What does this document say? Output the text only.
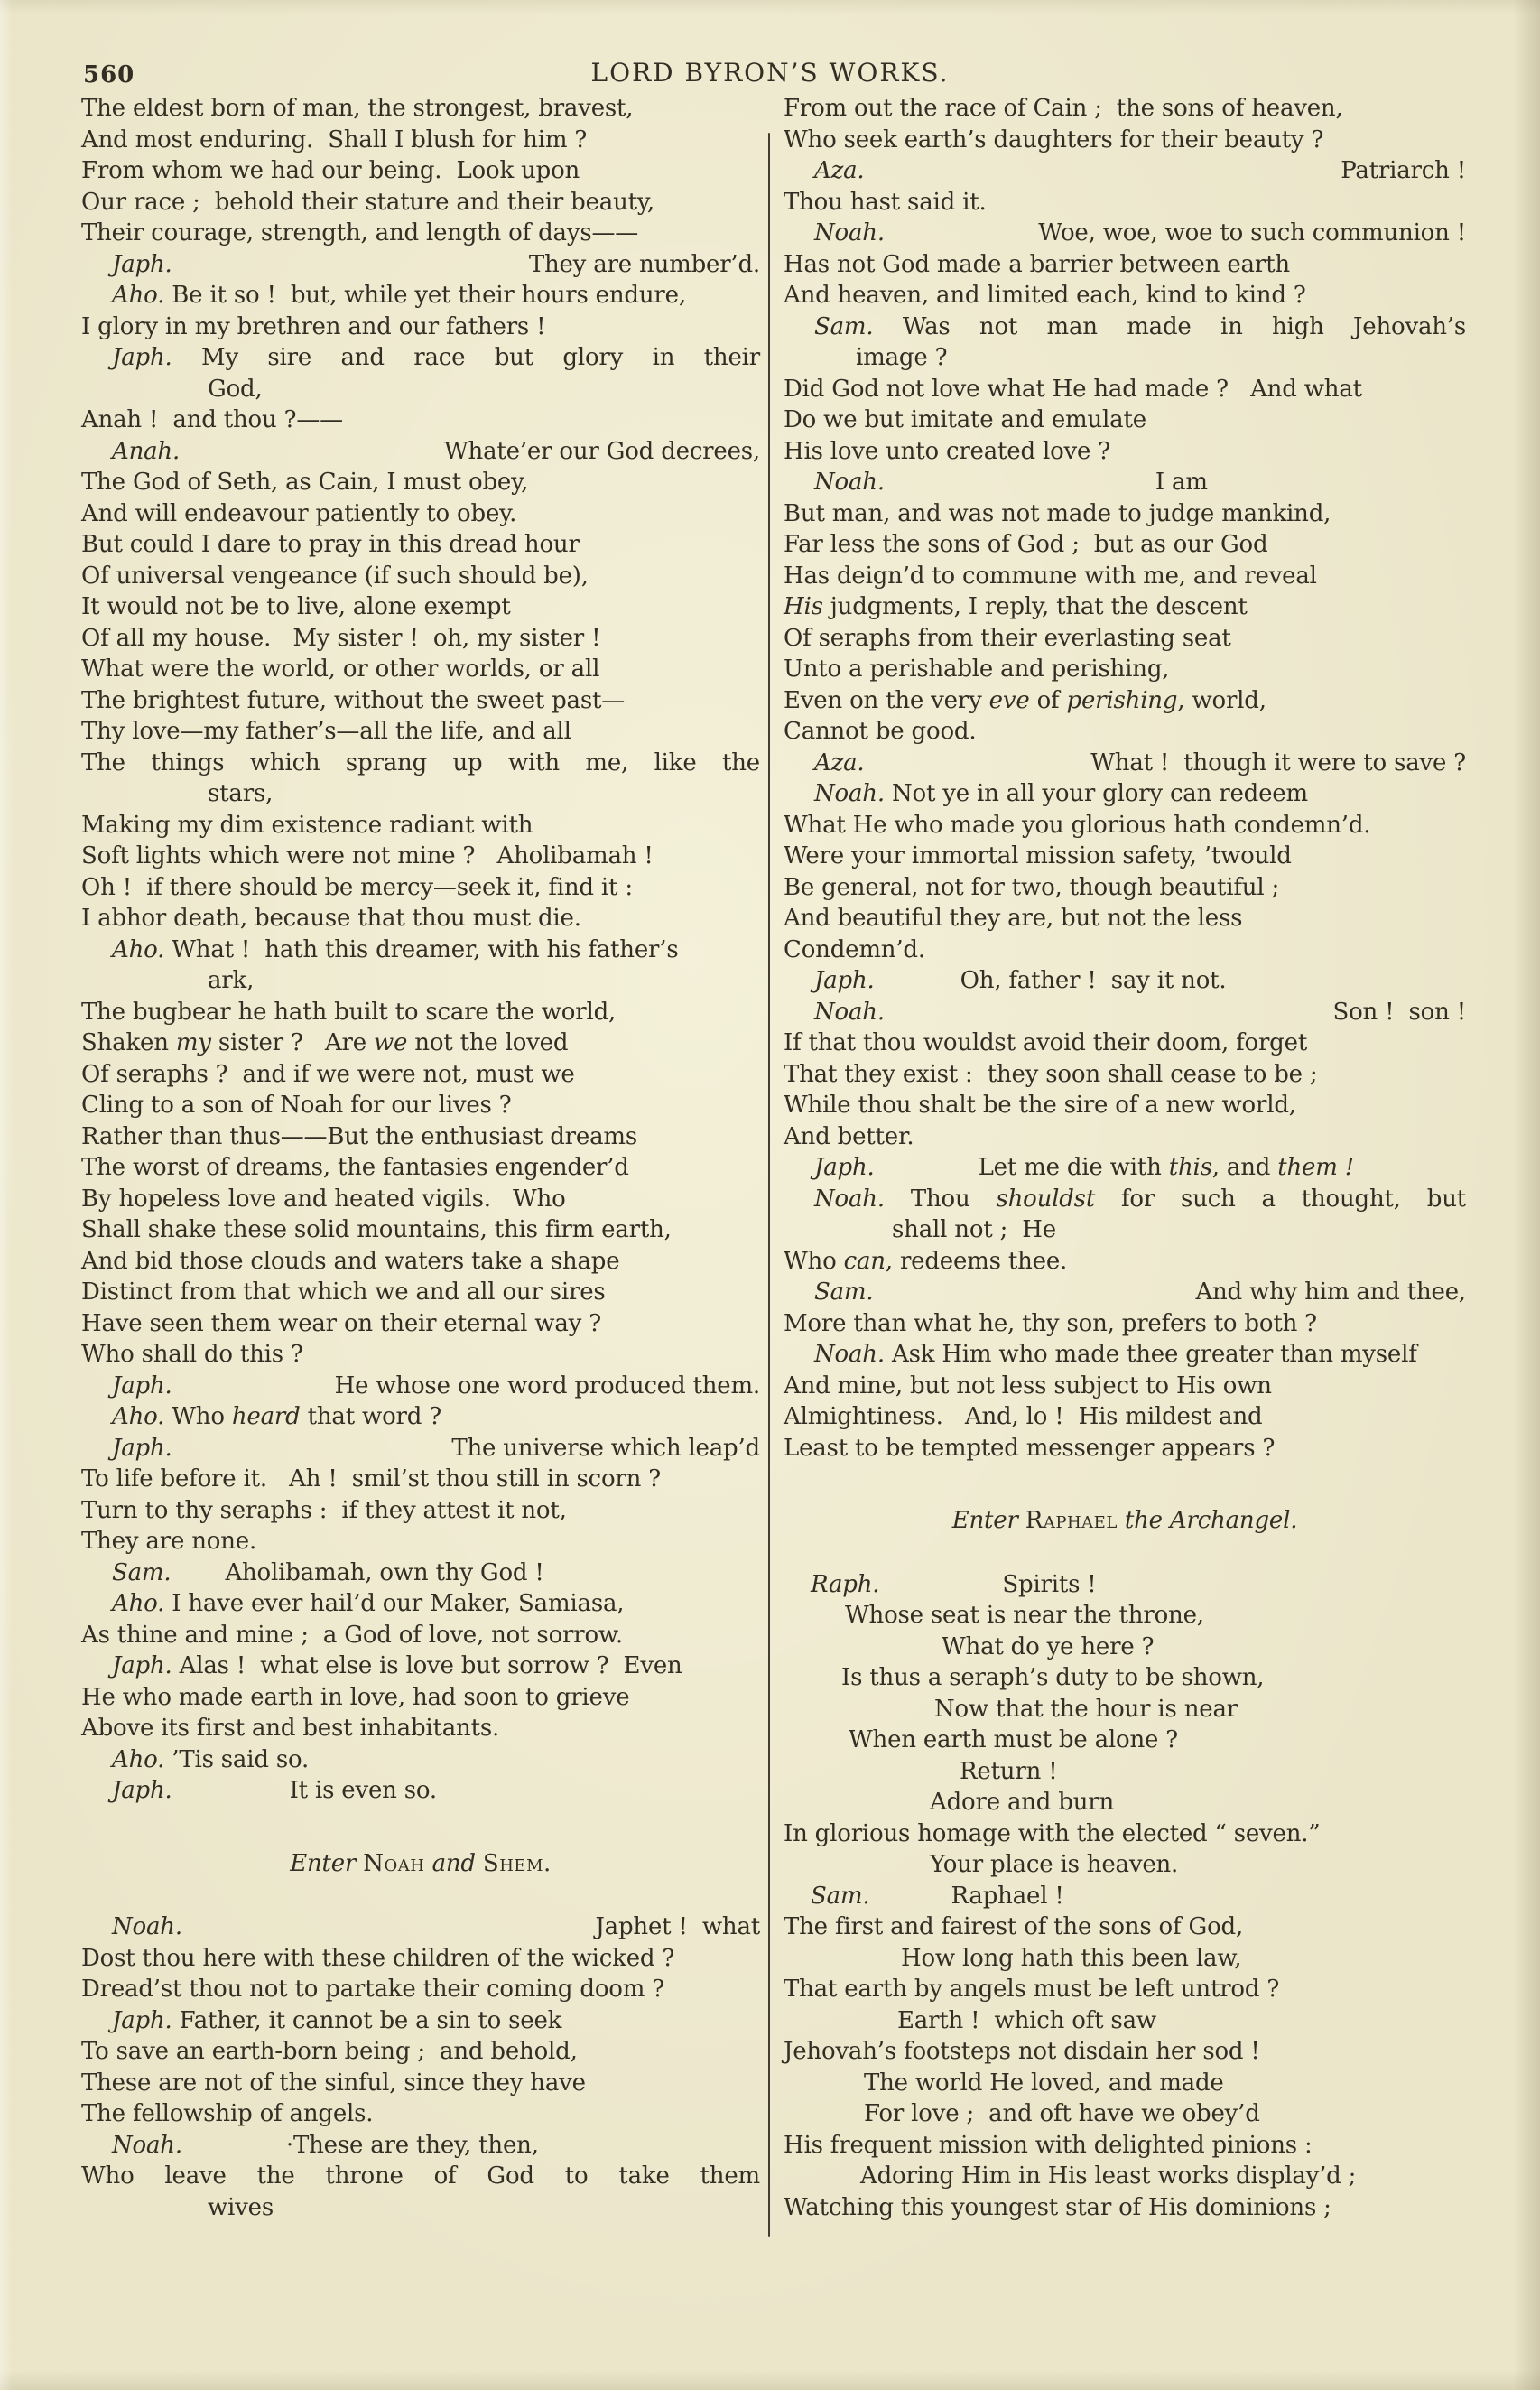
560	LORD BYRON’S WORKS.
The eldest born of man, the strongest, bravest,
And most enduring.  Shall I blush for him ?
From whom we had our being.  Look upon
Our race ;  behold their stature and their beauty,
Their courage, strength, and length of days——
Japh.	They are number’d.
Aho. Be it so !  but, while yet their hours endure,
I glory in my brethren and our fathers !
Japh. My sire and race but glory in their
God,
Anah !  and thou ?——
Anah.	Whate’er our God decrees,
The God of Seth, as Cain, I must obey,
And will endeavour patiently to obey.
But could I dare to pray in this dread hour
Of universal vengeance (if such should be),
It would not be to live, alone exempt
Of all my house.   My sister !  oh, my sister !
What were the world, or other worlds, or all
The brightest future, without the sweet past—
Thy love—my father’s—all the life, and all
The things which sprang up with me, like the
stars,
Making my dim existence radiant with
Soft lights which were not mine ?   Aholibamah !
Oh !  if there should be mercy—seek it, find it :
I abhor death, because that thou must die.
Aho. What !  hath this dreamer, with his father’s
ark,
The bugbear he hath built to scare the world,
Shaken my sister ?   Are we not the loved
Of seraphs ?  and if we were not, must we
Cling to a son of Noah for our lives ?
Rather than thus——But the enthusiast dreams
The worst of dreams, the fantasies engender’d
By hopeless love and heated vigils.   Who
Shall shake these solid mountains, this firm earth,
And bid those clouds and waters take a shape
Distinct from that which we and all our sires
Have seen them wear on their eternal way ?
Who shall do this ?
Japh.	He whose one word produced them.
Aho. Who heard that word ?
Japh.	The universe which leap’d
To life before it.   Ah !  smil’st thou still in scorn ?
Turn to thy seraphs :  if they attest it not,
They are none.
Sam. Aholibamah, own thy God !
Aho. I have ever hail’d our Maker, Samiasa,
As thine and mine ;  a God of love, not sorrow.
Japh. Alas !  what else is love but sorrow ?  Even
He who made earth in love, had soon to grieve
Above its first and best inhabitants.
Aho. ’Tis said so.
Japh.	It is even so.
Enter Noah and Shem.
Noah.	Japhet !  what
Dost thou here with these children of the wicked ?
Dread’st thou not to partake their coming doom ?
Japh. Father, it cannot be a sin to seek
To save an earth-born being ;  and behold,
These are not of the sinful, since they have
The fellowship of angels.
Noah.	·These are they, then,
Who leave the throne of God to take them
wives
From out the race of Cain ;  the sons of heaven,
Who seek earth’s daughters for their beauty ?
Aza.	Patriarch !
Thou hast said it.
Noah.	Woe, woe, woe to such communion !
Has not God made a barrier between earth
And heaven, and limited each, kind to kind ?
Sam. Was not man made in high Jehovah’s
image ?
Did God not love what He had made ?   And what
Do we but imitate and emulate
His love unto created love ?
Noah.	I am
But man, and was not made to judge mankind,
Far less the sons of God ;  but as our God
Has deign’d to commune with me, and reveal
His judgments, I reply, that the descent
Of seraphs from their everlasting seat
Unto a perishable and perishing,
Even on the very eve of perishing, world,
Cannot be good.
Aza.	What !  though it were to save ?
Noah. Not ye in all your glory can redeem
What He who made you glorious hath condemn’d.
Were your immortal mission safety, ’twould
Be general, not for two, though beautiful ;
And beautiful they are, but not the less
Condemn’d.
Japh.	Oh, father !  say it not.
Noah.	Son !  son !
If that thou wouldst avoid their doom, forget
That they exist :  they soon shall cease to be ;
While thou shalt be the sire of a new world,
And better.
Japh.	Let me die with this, and them !
Noah. Thou shouldst for such a thought, but
shall not ;  He
Who can, redeems thee.
Sam.	And why him and thee,
More than what he, thy son, prefers to both ?
Noah. Ask Him who made thee greater than myself
And mine, but not less subject to His own
Almightiness.   And, lo !  His mildest and
Least to be tempted messenger appears ?
Enter Raphael the Archangel.
Raph.	Spirits !
Whose seat is near the throne,
What do ye here ?
Is thus a seraph’s duty to be shown,
Now that the hour is near
When earth must be alone ?
Return !
Adore and burn
In glorious homage with the elected “ seven.”
Your place is heaven.
Sam.	Raphael !
The first and fairest of the sons of God,
How long hath this been law,
That earth by angels must be left untrod ?
Earth !  which oft saw
Jehovah’s footsteps not disdain her sod !
The world He loved, and made
For love ;  and oft have we obey’d
His frequent mission with delighted pinions :
Adoring Him in His least works display’d ;
Watching this youngest star of His dominions ;
